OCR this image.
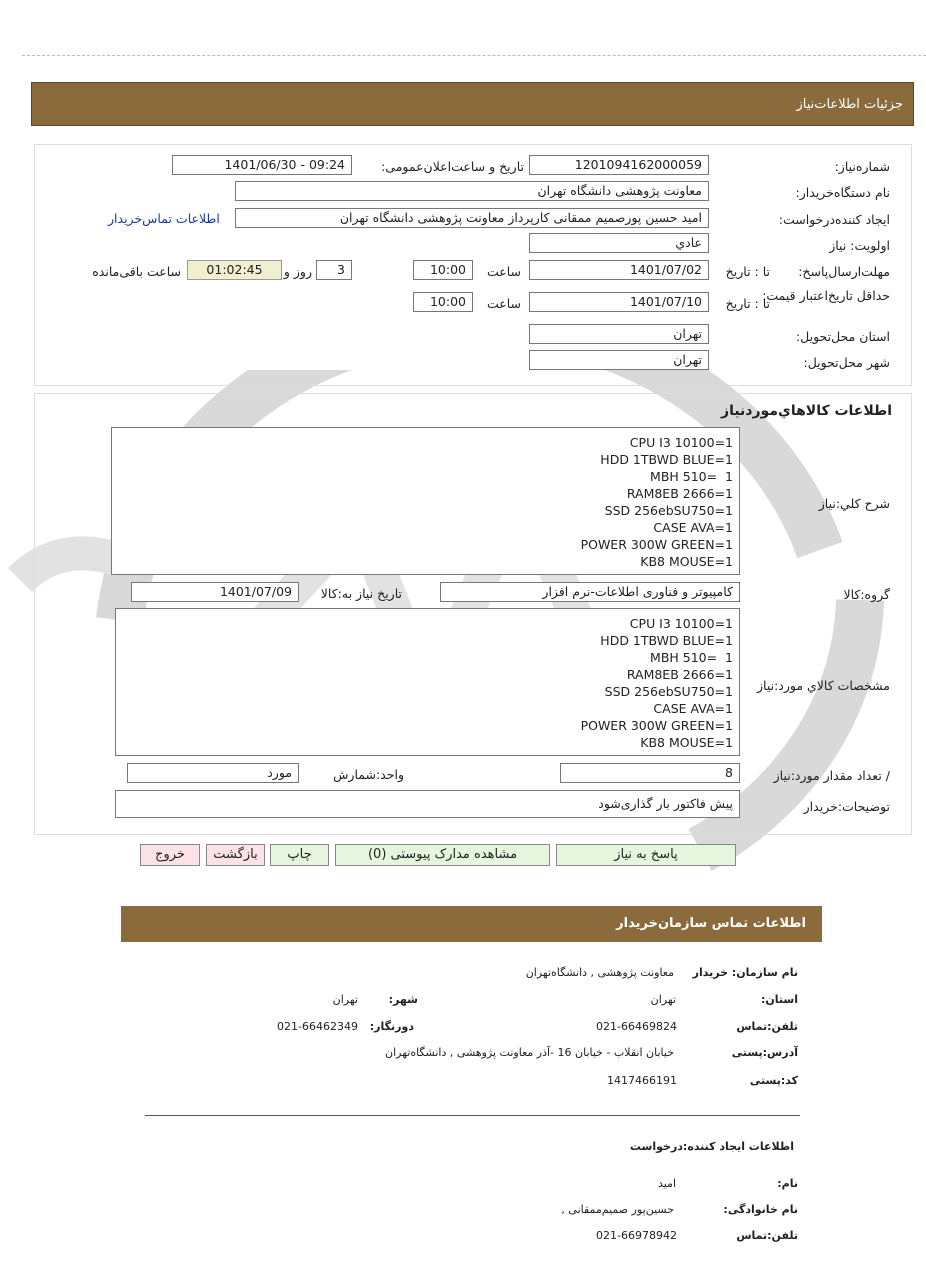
جزئیات اطلاعات‌نیاز
شماره‌نیاز:
1201094162000059
تاریخ و ساعت‌اعلان‌عمومی:
1401/06/30 - 09:24
نام دستگاه‌خریدار:
معاونت پژوهشی دانشگاه تهران
ایجاد کننده‌درخواست:
امید حسین پورصمیم ممقانی کارپرداز معاونت پژوهشی دانشگاه تهران
اطلاعات تماس‌خریدار
اولویت: نیاز
عادي
مهلت‌ارسال‌پاسخ:
تا : تاریخ
1401/07/02
ساعت
10:00
3
روز و
01:02:45
ساعت باقی‌مانده
حداقل تاریخ‌اعتبار قیمت:
تا : تاریخ
1401/07/10
ساعت
10:00
استان محل‌تحویل:
تهران
شهر محل‌تحویل:
تهران
اطلاعات کالاهاي‌موردنیاز
شرح کلي:نیاز
CPU I3 10100=1
HDD 1TBWD BLUE=1
MBH 510=  1
RAM8EB 2666=1
SSD 256ebSU750=1
CASE AVA=1
POWER 300W GREEN=1
KB8 MOUSE=1
گروه:کالا
کامپیوتر و فناوری اطلاعات-نرم افزار
تاریخ نیاز به:کالا
1401/07/09
مشخصات کالاي مورد:نیاز
CPU I3 10100=1
HDD 1TBWD BLUE=1
MBH 510=  1
RAM8EB 2666=1
SSD 256ebSU750=1
CASE AVA=1
POWER 300W GREEN=1
KB8 MOUSE=1
/ تعداد مقدار مورد:نیاز
8
واحد:شمارش
مورد
توضیحات:خریدار
پیش فاکتور بار گذاری‌شود
پاسخ به نیاز
مشاهده مدارک پیوستی (0)
چاپ
بازگشت
خروج
اطلاعات تماس سازمان‌خریدار
نام سازمان: خریدار
معاونت پژوهشی , دانشگاه‌تهران
استان:
تهران
شهر:
تهران
تلفن:تماس
021-66469824
دورنگار:
021-66462349
آدرس:پستی
خیابان انقلاب - خیابان 16 -آذر معاونت پژوهشی , دانشگاه‌تهران
کد:پستی
1417466191
اطلاعات ایجاد کننده:درخواست
نام:
امید
نام خانوادگی:
حسین‌پور صمیم‌ممقانی ,
تلفن:تماس
021-66978942
